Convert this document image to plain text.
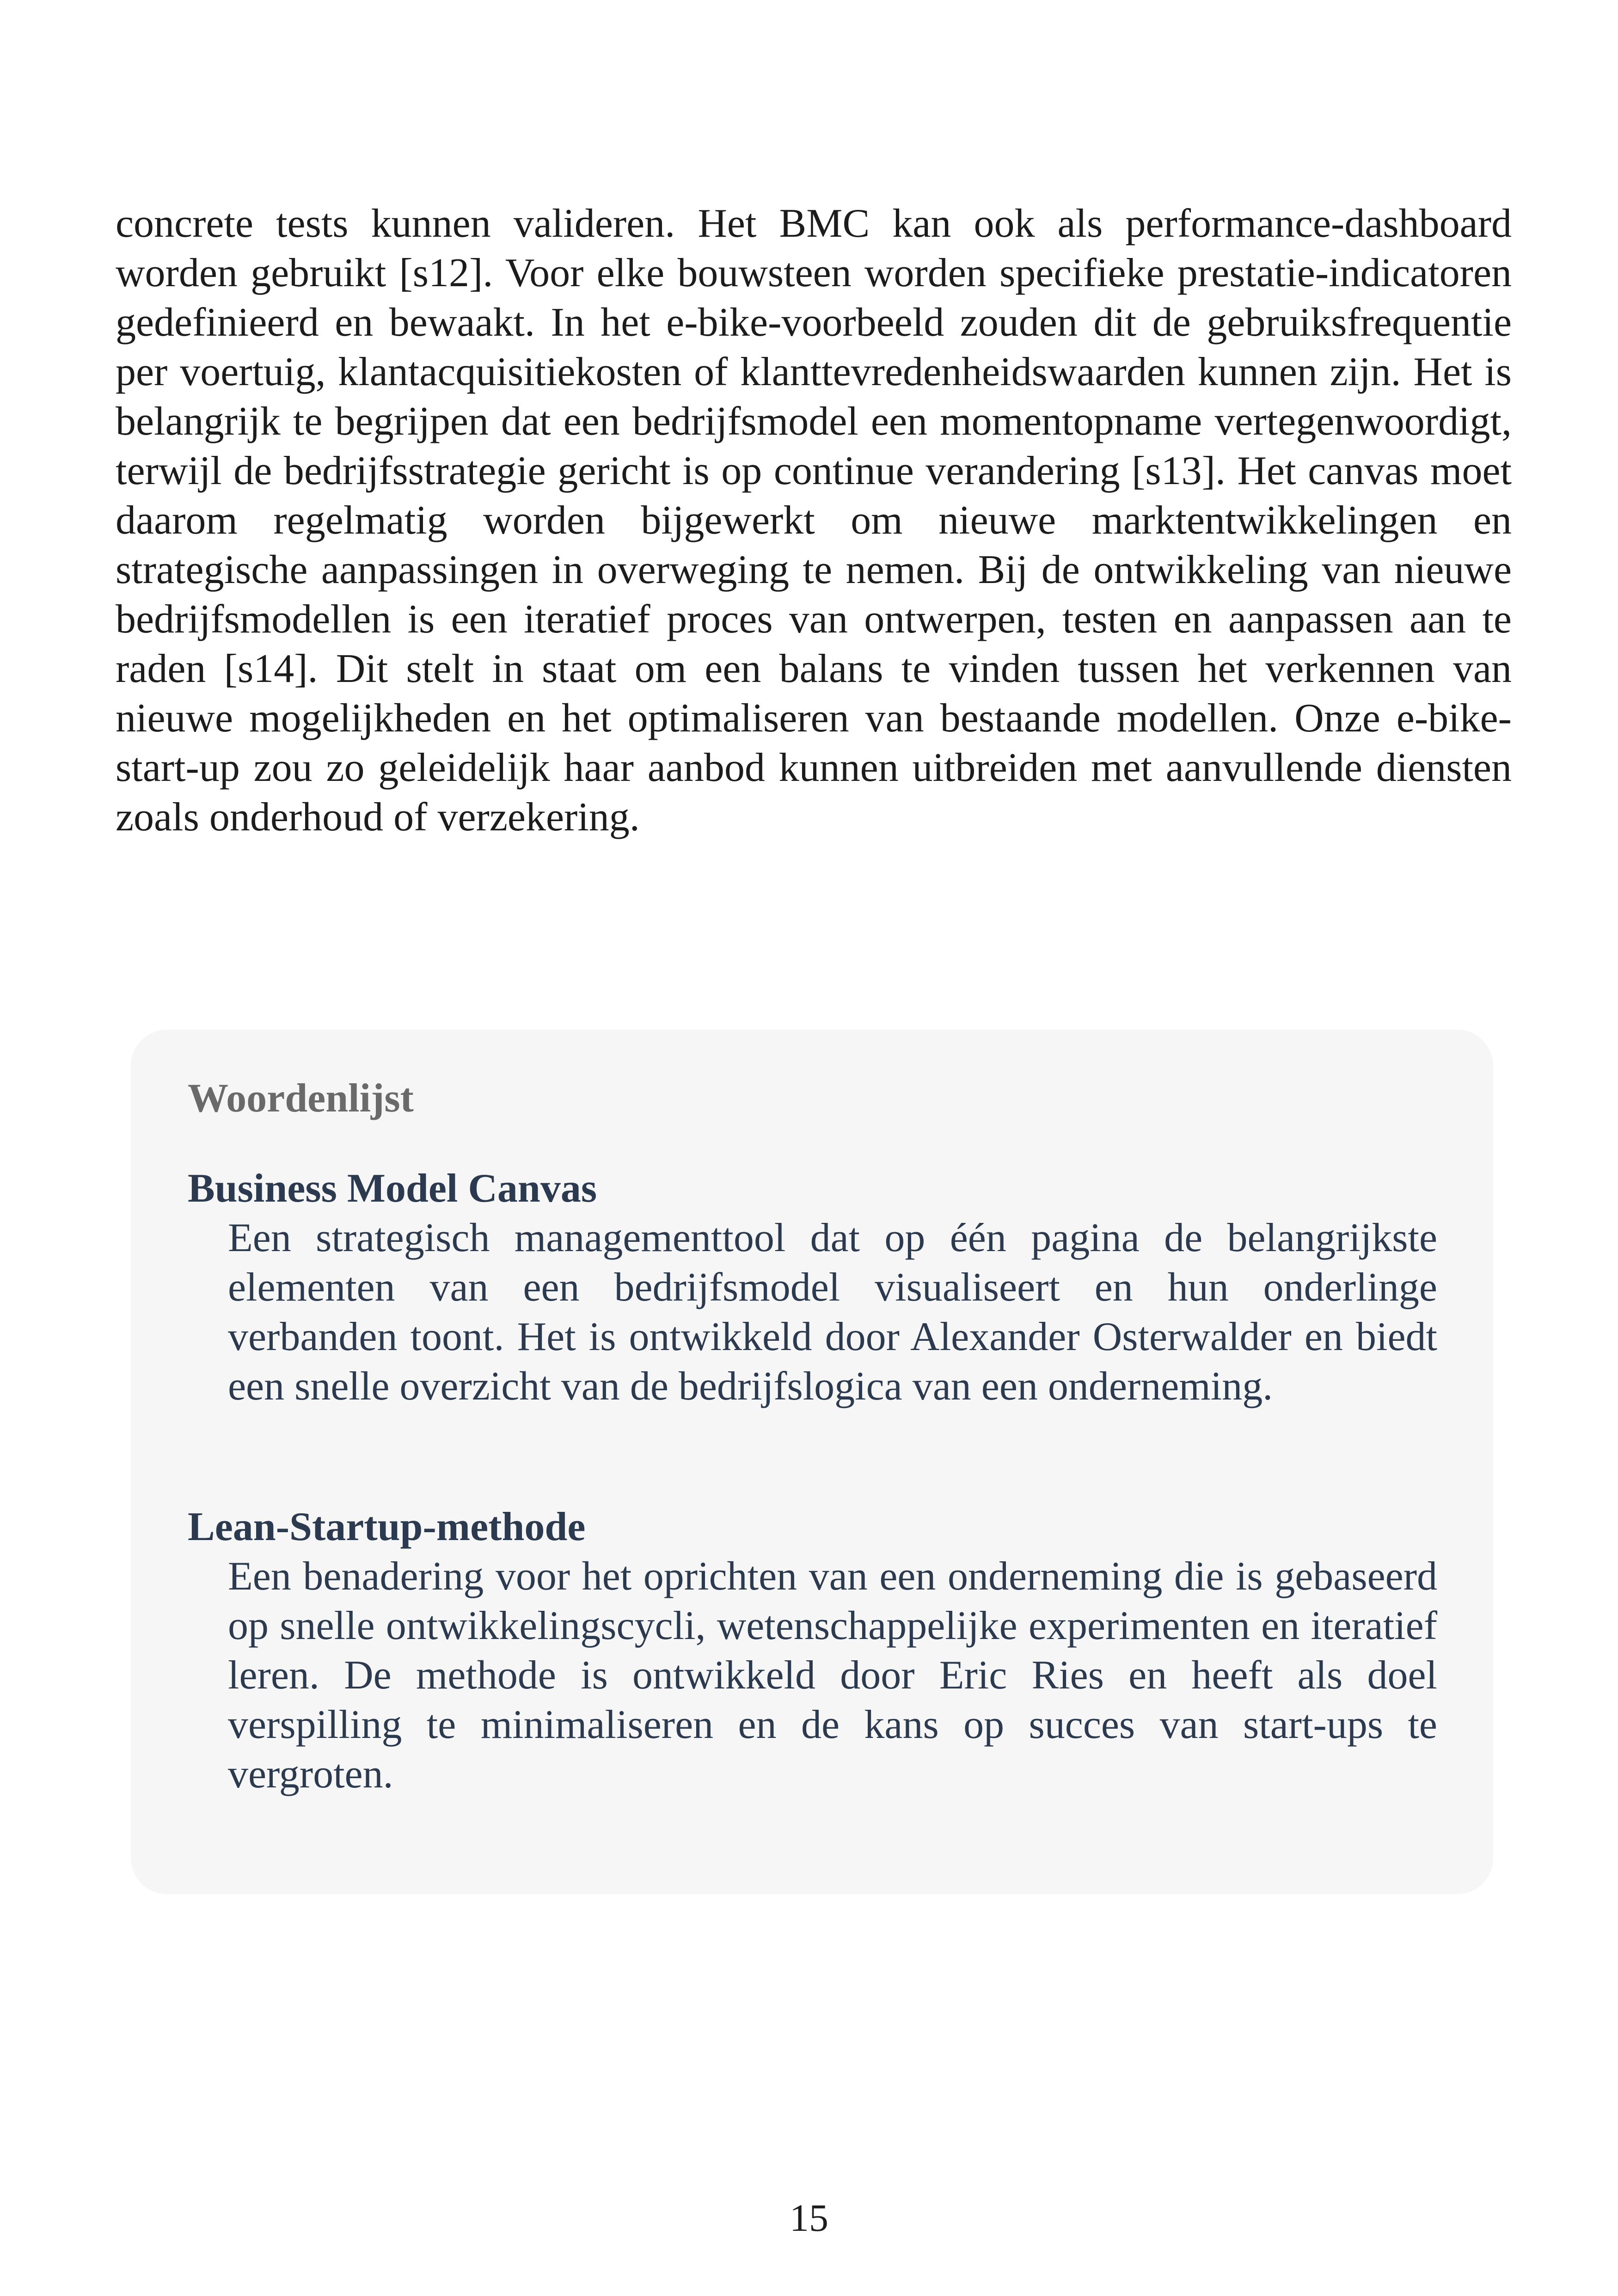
concrete tests kunnen valideren. Het BMC kan ook als performance-dashboard worden gebruikt [s12]. Voor elke bouwsteen worden specifieke prestatie-indicatoren gedefinieerd en bewaakt. In het e-bike-voorbeeld zouden dit de gebruiksfrequentie per voertuig, klantacquisitiekosten of klanttevredenheidswaarden kunnen zijn. Het is belangrijk te begrijpen dat een bedrijfsmodel een momentopname vertegenwoordigt, terwijl de bedrijfsstrategie gericht is op continue verandering [s13]. Het canvas moet daarom regelmatig worden bijgewerkt om nieuwe marktentwikkelingen en strategische aanpassingen in overweging te nemen. Bij de ontwikkeling van nieuwe bedrijfsmodellen is een iteratief proces van ontwerpen, testen en aanpassen aan te raden [s14]. Dit stelt in staat om een balans te vinden tussen het verkennen van nieuwe mogelijkheden en het optimaliseren van bestaande modellen. Onze e-bike-start-up zou zo geleidelijk haar aanbod kunnen uitbreiden met aanvullende diensten zoals onderhoud of verzekering.

Woordenlijst
Business Model Canvas

Een strategisch managementtool dat op één pagina de belangrijkste elementen van een bedrijfsmodel visualiseert en hun onderlinge verbanden toont. Het is ontwikkeld door Alexander Osterwalder en biedt een snelle overzicht van de bedrijfslogica van een onderneming.

Lean-Startup-methode

Een benadering voor het oprichten van een onderneming die is gebaseerd op snelle ontwikkelingscycli, wetenschappelijke experimenten en iteratief leren. De methode is ontwikkeld door Eric Ries en heeft als doel verspilling te minimaliseren en de kans op succes van start-ups te vergroten.

15
